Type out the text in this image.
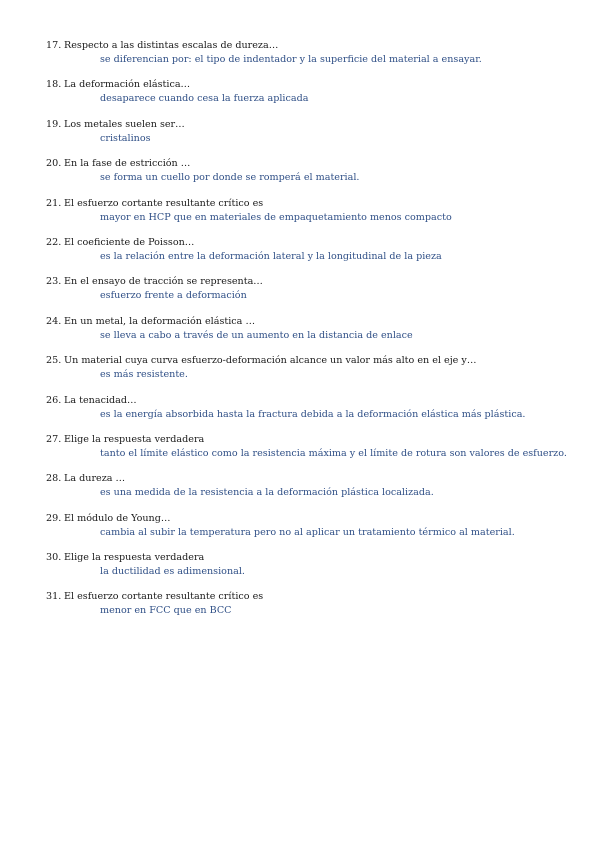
17. Respecto a las distintas escalas de dureza…
se diferencian por: el tipo de indentador y la superficie del material a ensayar.
18. La deformación elástica…
desaparece cuando cesa la fuerza aplicada
19. Los metales suelen ser…
cristalinos
20. En la fase de estricción …
se forma un cuello por donde se romperá el material.
21. El esfuerzo cortante resultante crítico es
mayor en HCP que en materiales de empaquetamiento menos compacto
22. El coeficiente de Poisson…
es la relación entre la deformación lateral y la longitudinal de la pieza
23. En el ensayo de tracción se representa…
esfuerzo frente a deformación
24. En un metal, la deformación elástica …
se lleva a cabo a través de un aumento en la distancia de enlace
25. Un material cuya curva esfuerzo-deformación alcance un valor más alto en el eje y…
es más resistente.
26. La tenacidad…
es la energía absorbida hasta la fractura debida a la deformación elástica más plástica.
27. Elige la respuesta verdadera
tanto el límite elástico como la resistencia máxima y el límite de rotura son valores de esfuerzo.
28. La dureza …
es una medida de la resistencia a la deformación plástica localizada.
29. El módulo de Young…
cambia al subir la temperatura pero no al aplicar un tratamiento térmico al material.
30. Elige la respuesta verdadera
la ductilidad es adimensional.
31. El esfuerzo cortante resultante crítico es
menor en FCC que en BCC
